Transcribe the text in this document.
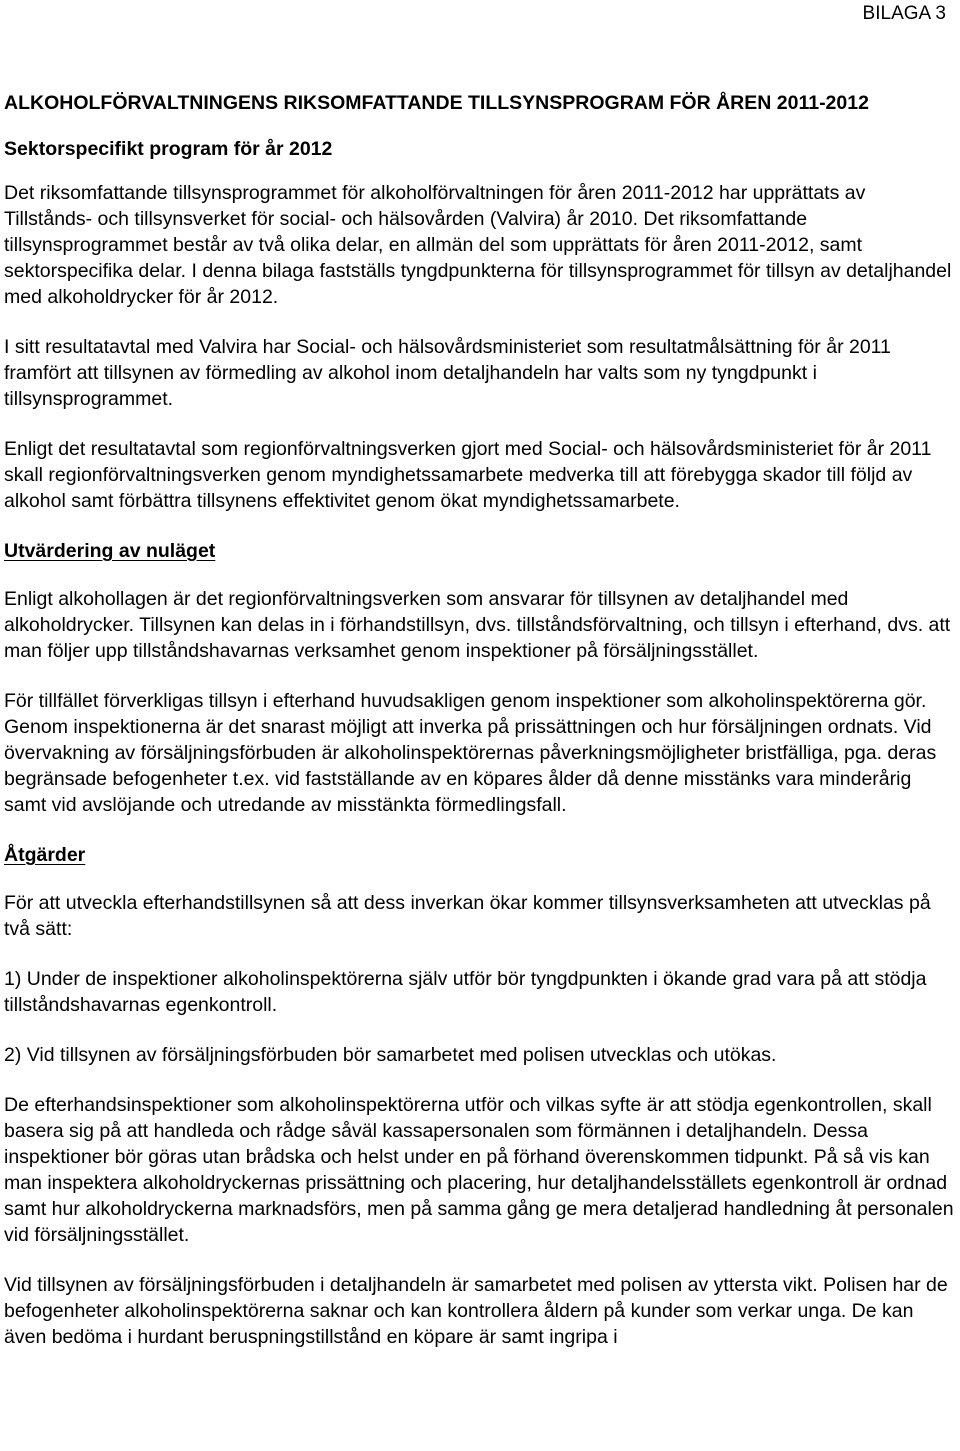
BILAGA 3
ALKOHOLFÖRVALTNINGENS RIKSOMFATTANDE TILLSYNSPROGRAM FÖR ÅREN 2011-2012
Sektorspecifikt program för år 2012

Det riksomfattande tillsynsprogrammet för alkoholförvaltningen för åren 2011-2012 har upprättats av Tillstånds- och tillsynsverket för social- och hälsovården (Valvira) år 2010. Det riksomfattande tillsynsprogrammet består av två olika delar, en allmän del som upprättats för åren 2011-2012, samt sektorspecifika delar. I denna bilaga fastställs tyngdpunkterna för tillsynsprogrammet för tillsyn av detaljhandel med alkoholdrycker för år 2012.

I sitt resultatavtal med Valvira har Social- och hälsovårdsministeriet som resultatmålsättning för år 2011 framfört att tillsynen av förmedling av alkohol inom detaljhandeln har valts som ny tyngdpunkt i tillsynsprogrammet.

Enligt det resultatavtal som regionförvaltningsverken gjort med Social- och hälsovårdsministeriet för år 2011 skall regionförvaltningsverken genom myndighetssamarbete medverka till att förebygga skador till följd av alkohol samt förbättra tillsynens effektivitet genom ökat myndighetssamarbete.

Utvärdering av nuläget

Enligt alkohollagen är det regionförvaltningsverken som ansvarar för tillsynen av detaljhandel med alkoholdrycker. Tillsynen kan delas in i förhandstillsyn, dvs. tillståndsförvaltning, och tillsyn i efterhand, dvs. att man följer upp tillståndshavarnas verksamhet genom inspektioner på försäljningsstället.

För tillfället förverkligas tillsyn i efterhand huvudsakligen genom inspektioner som alkoholinspektörerna gör. Genom inspektionerna är det snarast möjligt att inverka på prissättningen och hur försäljningen ordnats. Vid övervakning av försäljningsförbuden är alkoholinspektörernas påverkningsmöjligheter bristfälliga, pga. deras begränsade befogenheter t.ex. vid fastställande av en köpares ålder då denne misstänks vara minderårig samt vid avslöjande och utredande av misstänkta förmedlingsfall.

Åtgärder

För att utveckla efterhandstillsynen så att dess inverkan ökar kommer tillsynsverksamheten att utvecklas på två sätt:

1) Under de inspektioner alkoholinspektörerna själv utför bör tyngdpunkten i ökande grad vara på att stödja tillståndshavarnas egenkontroll.

2) Vid tillsynen av försäljningsförbuden bör samarbetet med polisen utvecklas och utökas.

De efterhandsinspektioner som alkoholinspektörerna utför och vilkas syfte är att stödja egenkontrollen, skall basera sig på att handleda och rådge såväl kassapersonalen som förmännen i detaljhandeln. Dessa inspektioner bör göras utan brådska och helst under en på förhand överenskommen tidpunkt. På så vis kan man inspektera alkoholdryckernas prissättning och placering, hur detaljhandelsställets egenkontroll är ordnad samt hur alkoholdryckerna marknadsförs, men på samma gång ge mera detaljerad handledning åt personalen vid försäljningsstället.

Vid tillsynen av försäljningsförbuden i detaljhandeln är samarbetet med polisen av yttersta vikt. Polisen har de befogenheter alkoholinspektörerna saknar och kan kontrollera åldern på kunder som verkar unga. De kan även bedöma i hurdant beruspningstillstånd en köpare är samt ingripa i
